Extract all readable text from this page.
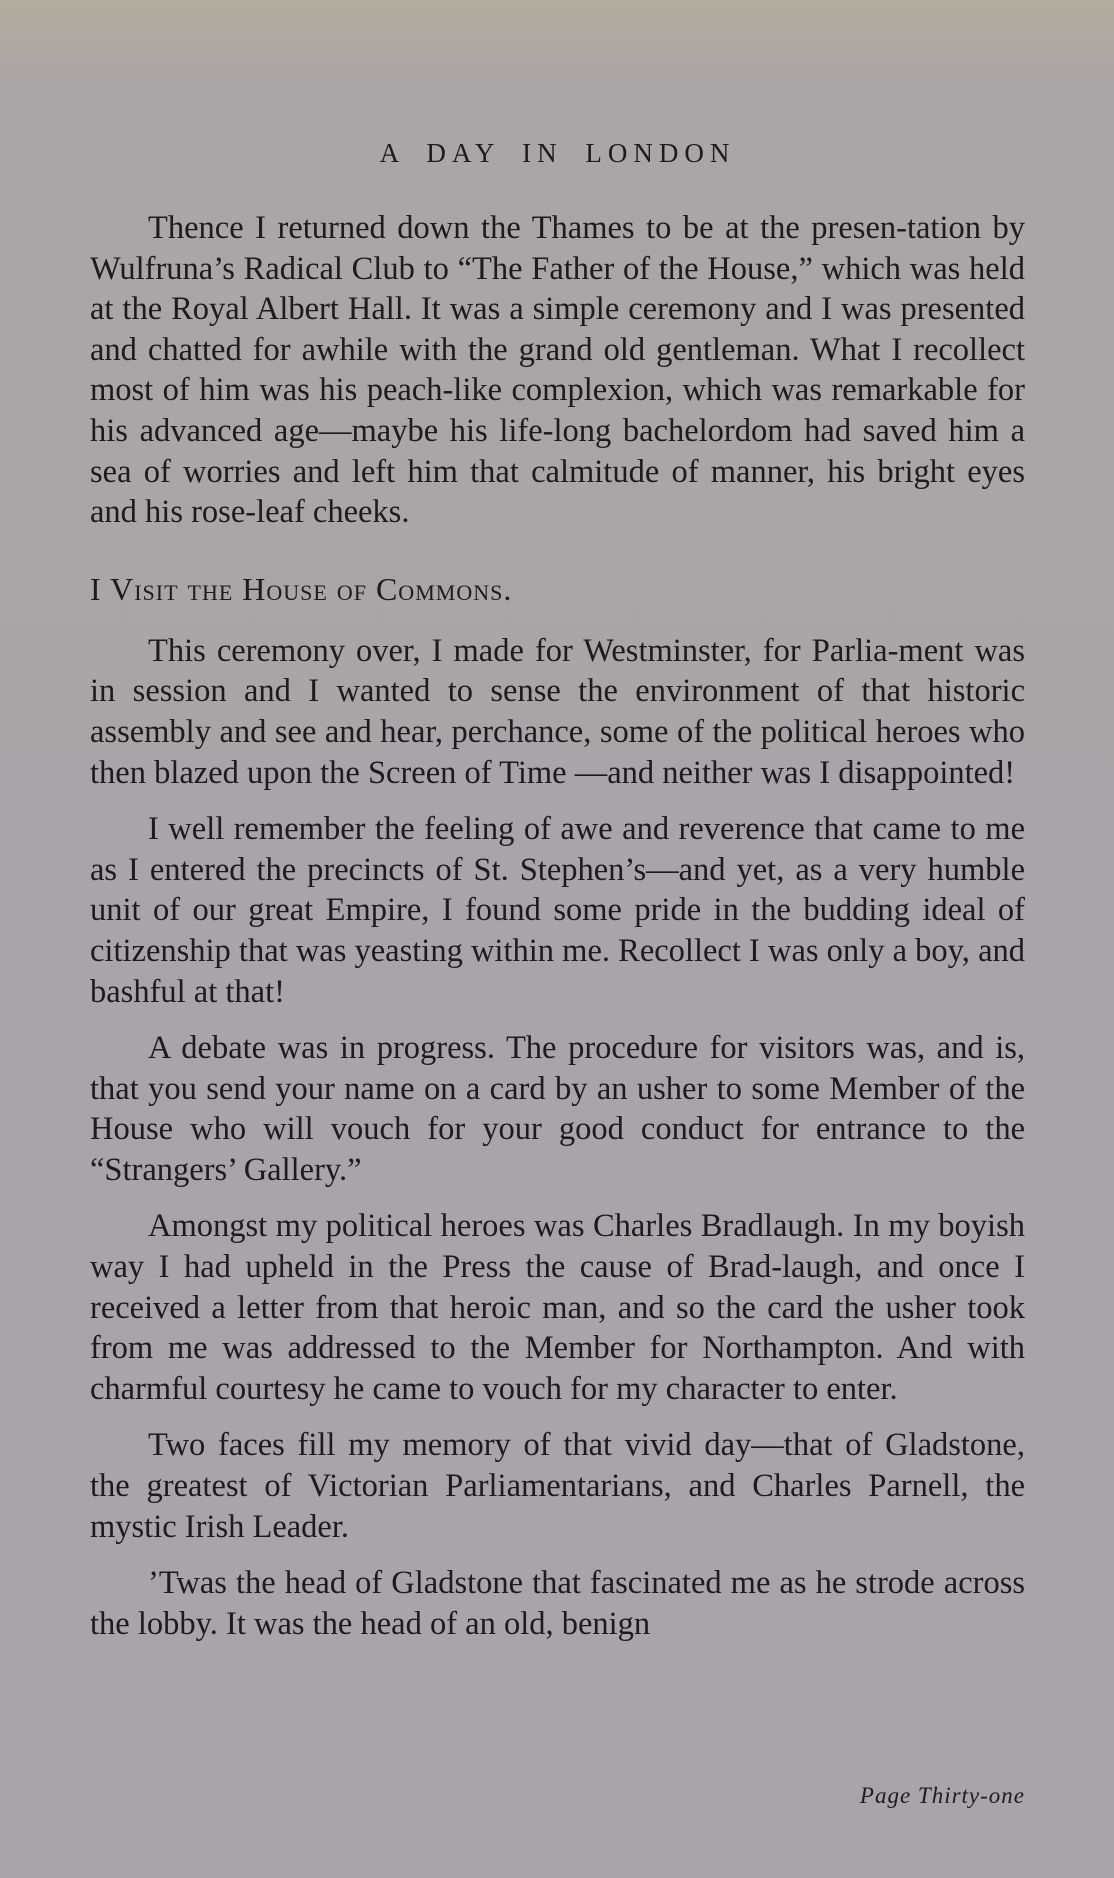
A DAY IN LONDON

Thence I returned down the Thames to be at the presen-tation by Wulfruna’s Radical Club to “The Father of the House,” which was held at the Royal Albert Hall. It was a simple ceremony and I was presented and chatted for awhile with the grand old gentleman. What I recollect most of him was his peach-like complexion, which was remarkable for his advanced age—maybe his life-long bachelordom had saved him a sea of worries and left him that calmitude of manner, his bright eyes and his rose-leaf cheeks.

I Visit the House of Commons.

This ceremony over, I made for Westminster, for Parlia-ment was in session and I wanted to sense the environment of that historic assembly and see and hear, perchance, some of the political heroes who then blazed upon the Screen of Time —and neither was I disappointed!

I well remember the feeling of awe and reverence that came to me as I entered the precincts of St. Stephen’s—and yet, as a very humble unit of our great Empire, I found some pride in the budding ideal of citizenship that was yeasting within me. Recollect I was only a boy, and bashful at that!

A debate was in progress. The procedure for visitors was, and is, that you send your name on a card by an usher to some Member of the House who will vouch for your good conduct for entrance to the “Strangers’ Gallery.”

Amongst my political heroes was Charles Bradlaugh. In my boyish way I had upheld in the Press the cause of Brad-laugh, and once I received a letter from that heroic man, and so the card the usher took from me was addressed to the Member for Northampton. And with charmful courtesy he came to vouch for my character to enter.

Two faces fill my memory of that vivid day—that of Gladstone, the greatest of Victorian Parliamentarians, and Charles Parnell, the mystic Irish Leader.

’Twas the head of Gladstone that fascinated me as he strode across the lobby. It was the head of an old, benign

Page Thirty-one
